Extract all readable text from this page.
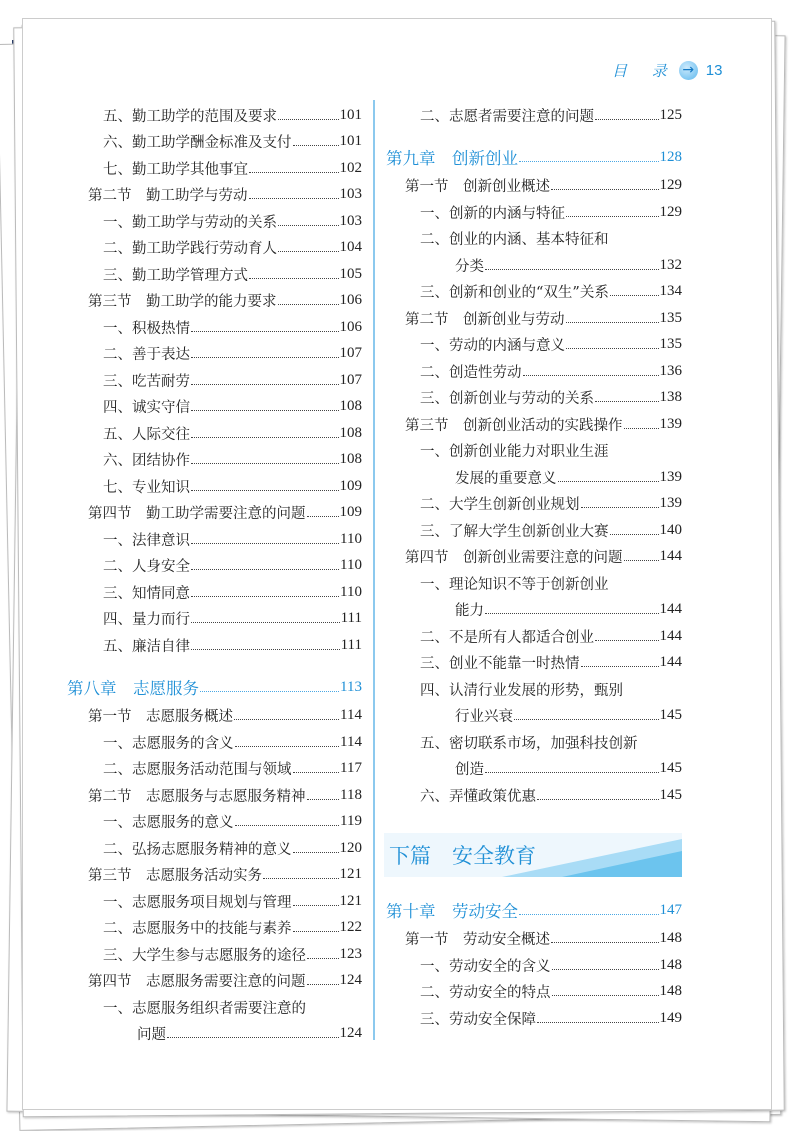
目 录 → 13
五、勤工助学的范围及要求	101
六、勤工助学酬金标准及支付	101
七、勤工助学其他事宜	102
第二节　勤工助学与劳动	103
一、勤工助学与劳动的关系	103
二、勤工助学践行劳动育人	104
三、勤工助学管理方式	105
第三节　勤工助学的能力要求	106
一、积极热情	106
二、善于表达	107
三、吃苦耐劳	107
四、诚实守信	108
五、人际交往	108
六、团结协作	108
七、专业知识	109
第四节　勤工助学需要注意的问题 109
一、法律意识	110
二、人身安全	110
三、知情同意	110
四、量力而行	111
五、廉洁自律	111
第八章　志愿服务	113
第一节　志愿服务概述	114
一、志愿服务的含义	114
二、志愿服务活动范围与领域	117
第二节　志愿服务与志愿服务精神 118
一、志愿服务的意义	119
二、弘扬志愿服务精神的意义	120
第三节　志愿服务活动实务	121
一、志愿服务项目规划与管理	121
二、志愿服务中的技能与素养	122
三、大学生参与志愿服务的途径 123
第四节　志愿服务需要注意的问题 124
一、志愿服务组织者需要注意的
问题	124
二、志愿者需要注意的问题	125
第九章　创新创业	128
第一节　创新创业概述	129
一、创新的内涵与特征	129
二、创业的内涵、基本特征和
分类	132
三、创新和创业的“双生”关系	134
第二节　创新创业与劳动	135
一、劳动的内涵与意义	135
二、创造性劳动	136
三、创新创业与劳动的关系	138
第三节　创新创业活动的实践操作 139
一、创新创业能力对职业生涯
发展的重要意义	139
二、大学生创新创业规划	139
三、了解大学生创新创业大赛	140
第四节　创新创业需要注意的问题 144
一、理论知识不等于创新创业
能力	144
二、不是所有人都适合创业	144
三、创业不能靠一时热情	144
四、认清行业发展的形势，甄别
行业兴衰	145
五、密切联系市场，加强科技创新
创造	145
六、弄懂政策优惠	145
下篇　安全教育
第十章　劳动安全	147
第一节　劳动安全概述	148
一、劳动安全的含义	148
二、劳动安全的特点	148
三、劳动安全保障	149
